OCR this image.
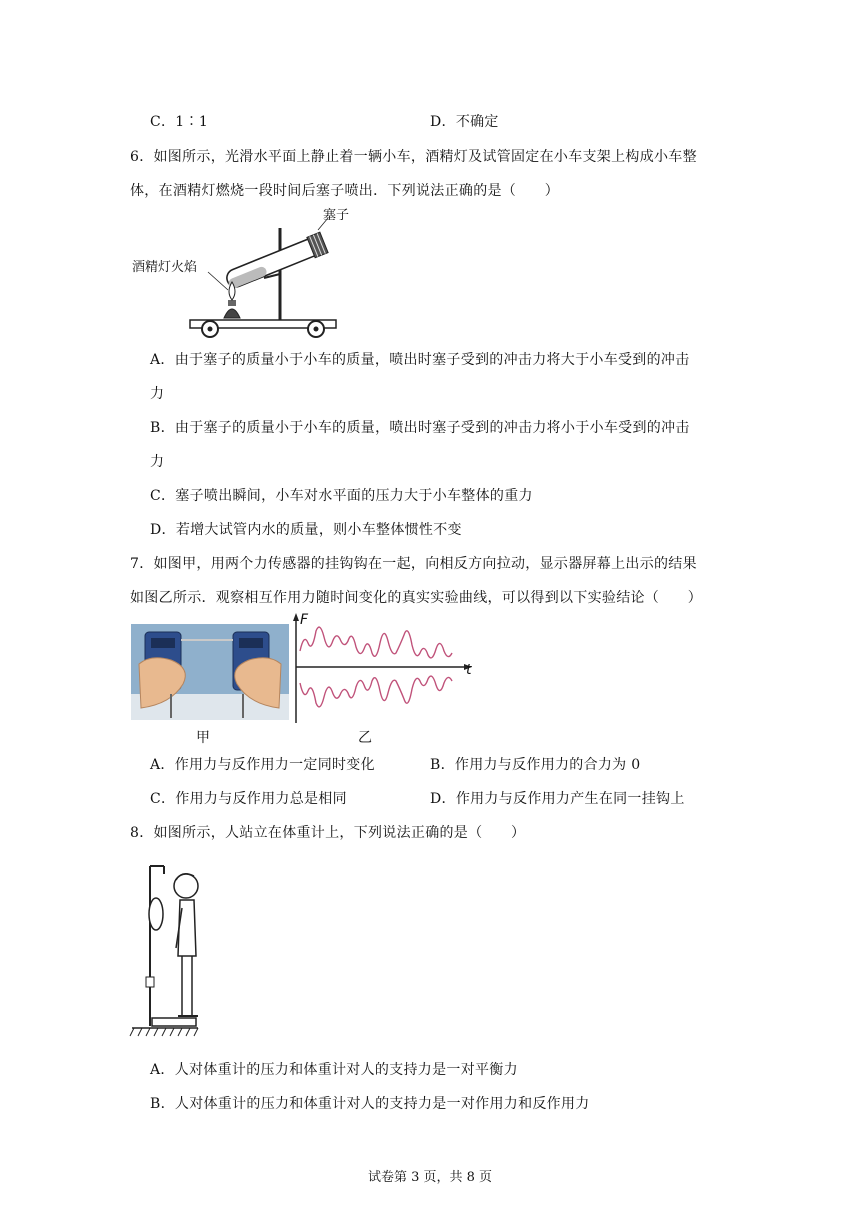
C．1∶1	D．不确定
6．如图所示，光滑水平面上静止着一辆小车，酒精灯及试管固定在小车支架上构成小车整
体，在酒精灯燃烧一段时间后塞子喷出．下列说法正确的是（　　）
塞子
酒精灯火焰
A．由于塞子的质量小于小车的质量，喷出时塞子受到的冲击力将大于小车受到的冲击
力
B．由于塞子的质量小于小车的质量，喷出时塞子受到的冲击力将小于小车受到的冲击
力
C．塞子喷出瞬间，小车对水平面的压力大于小车整体的重力
D．若增大试管内水的质量，则小车整体惯性不变
7．如图甲，用两个力传感器的挂钩钩在一起，向相反方向拉动，显示器屏幕上出示的结果
如图乙所示．观察相互作用力随时间变化的真实实验曲线，可以得到以下实验结论（　　）
F
t
甲	乙
A．作用力与反作用力一定同时变化	B．作用力与反作用力的合力为 0
C．作用力与反作用力总是相同	D．作用力与反作用力产生在同一挂钩上
8．如图所示，人站立在体重计上，下列说法正确的是（　　）
A．人对体重计的压力和体重计对人的支持力是一对平衡力
B．人对体重计的压力和体重计对人的支持力是一对作用力和反作用力
试卷第 3 页，共 8 页
